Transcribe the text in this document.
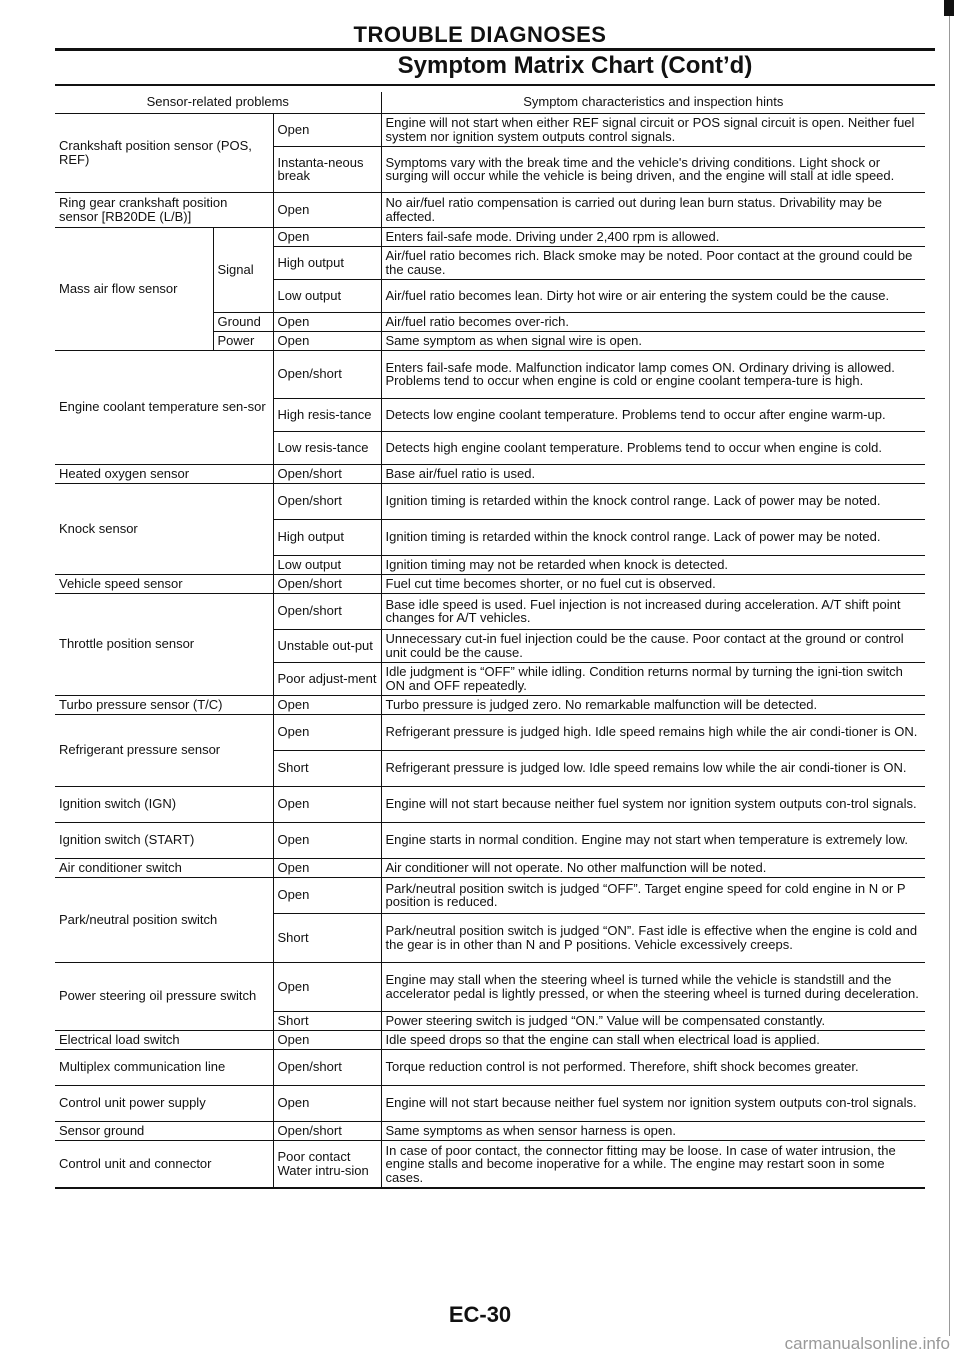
TROUBLE DIAGNOSES
Symptom Matrix Chart (Cont’d)
Sensor-related problems			Symptom characteristics and inspection hints
Crankshaft position sensor (POS, REF)		Open	Engine will not start when either REF signal circuit or POS signal circuit is open. Neither fuel system nor ignition system outputs control signals.
		Instanta-neous break	Symptoms vary with the break time and the vehicle's driving conditions. Light shock or surging will occur while the vehicle is being driven, and the engine will stall at idle speed.
Ring gear crankshaft position sensor [RB20DE (L/B)]		Open	No air/fuel ratio compensation is carried out during lean burn status. Drivability may be affected.
Mass air flow sensor	Signal	Open	Enters fail-safe mode. Driving under 2,400 rpm is allowed.
		High output	Air/fuel ratio becomes rich. Black smoke may be noted. Poor contact at the ground could be the cause.
		Low output	Air/fuel ratio becomes lean. Dirty hot wire or air entering the system could be the cause.
	Ground	Open	Air/fuel ratio becomes over-rich.
	Power	Open	Same symptom as when signal wire is open.
Engine coolant temperature sen-sor		Open/short	Enters fail-safe mode. Malfunction indicator lamp comes ON. Ordinary driving is allowed. Problems tend to occur when engine is cold or engine coolant tempera-ture is high.
		High resis-tance	Detects low engine coolant temperature. Problems tend to occur after engine warm-up.
		Low resis-tance	Detects high engine coolant temperature. Problems tend to occur when engine is cold.
Heated oxygen sensor		Open/short	Base air/fuel ratio is used.
Knock sensor		Open/short	Ignition timing is retarded within the knock control range. Lack of power may be noted.
		High output	Ignition timing is retarded within the knock control range. Lack of power may be noted.
		Low output	Ignition timing may not be retarded when knock is detected.
Vehicle speed sensor		Open/short	Fuel cut time becomes shorter, or no fuel cut is observed.
Throttle position sensor		Open/short	Base idle speed is used. Fuel injection is not increased during acceleration. A/T shift point changes for A/T vehicles.
		Unstable out-put	Unnecessary cut-in fuel injection could be the cause. Poor contact at the ground or control unit could be the cause.
		Poor adjust-ment	Idle judgment is “OFF” while idling. Condition returns normal by turning the igni-tion switch ON and OFF repeatedly.
Turbo pressure sensor (T/C)		Open	Turbo pressure is judged zero. No remarkable malfunction will be detected.
Refrigerant pressure sensor		Open	Refrigerant pressure is judged high. Idle speed remains high while the air condi-tioner is ON.
		Short	Refrigerant pressure is judged low. Idle speed remains low while the air condi-tioner is ON.
Ignition switch (IGN)		Open	Engine will not start because neither fuel system nor ignition system outputs con-trol signals.
Ignition switch (START)		Open	Engine starts in normal condition. Engine may not start when temperature is extremely low.
Air conditioner switch		Open	Air conditioner will not operate. No other malfunction will be noted.
Park/neutral position switch		Open	Park/neutral position switch is judged “OFF”. Target engine speed for cold engine in N or P position is reduced.
		Short	Park/neutral position switch is judged “ON”. Fast idle is effective when the engine is cold and the gear is in other than N and P positions. Vehicle excessively creeps.
Power steering oil pressure switch		Open	Engine may stall when the steering wheel is turned while the vehicle is standstill and the accelerator pedal is lightly pressed, or when the steering wheel is turned during deceleration.
		Short	Power steering switch is judged “ON.” Value will be compensated constantly.
Electrical load switch		Open	Idle speed drops so that the engine can stall when electrical load is applied.
Multiplex communication line		Open/short	Torque reduction control is not performed. Therefore, shift shock becomes greater.
Control unit power supply		Open	Engine will not start because neither fuel system nor ignition system outputs con-trol signals.
Sensor ground		Open/short	Same symptoms as when sensor harness is open.
Control unit and connector		Poor contact Water intru-sion	In case of poor contact, the connector fitting may be loose. In case of water intrusion, the engine stalls and become inoperative for a while. The engine may restart soon in some cases.
EC-30
carmanualsonline.info
